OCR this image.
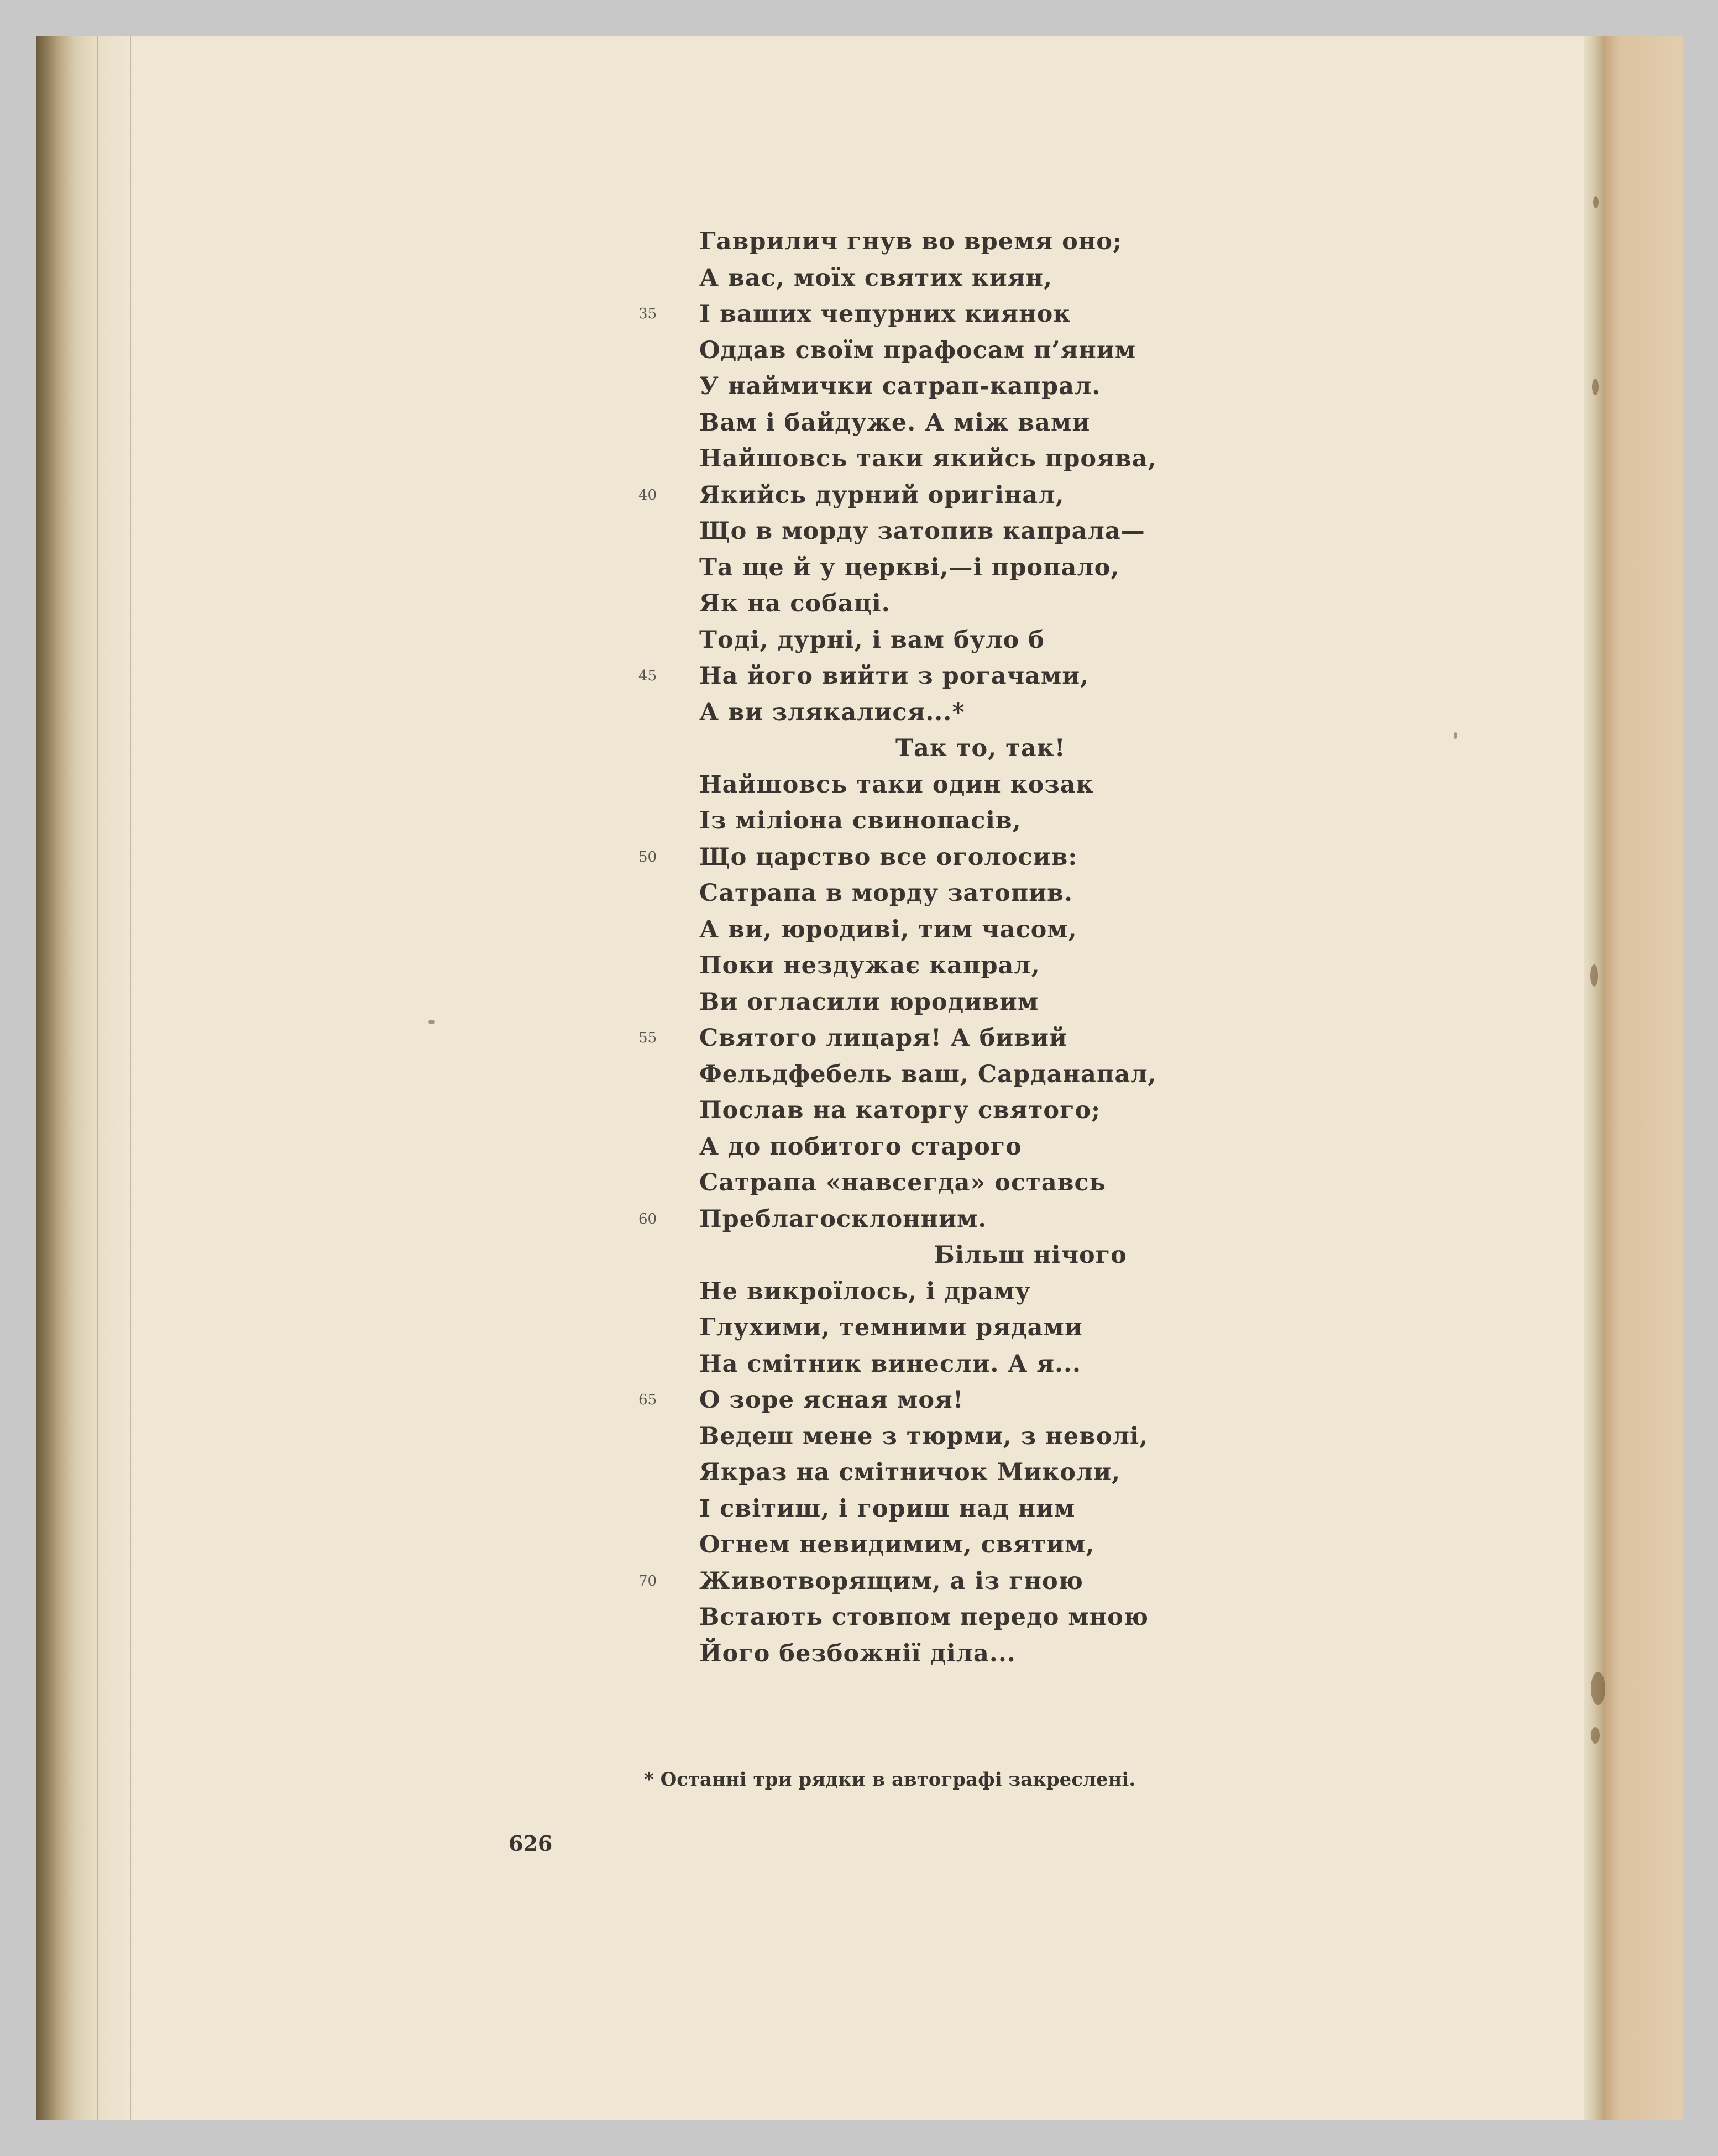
Гаврилич гнув во время оно;
А вас, моїх святих киян,
35	І ваших чепурних киянок
Оддав своїм прафосам п’яним
У наймички сатрап-капрал.
Вам і байдуже. А між вами
Найшовсь таки якийсь проява,
40	Якийсь дурний оригінал,
Що в морду затопив капрала—
Та ще й у церкві,—і пропало,
Як на собаці.
Тоді, дурні, і вам було б
45	На його вийти з рогачами,
А ви злякалися...*
Так то, так!
Найшовсь таки один козак
Із міліона свинопасів,
50	Що царство все оголосив:
Сатрапа в морду затопив.
А ви, юродиві, тим часом,
Поки нездужає капрал,
Ви огласили юродивим
55	Святого лицаря! А бивий
Фельдфебель ваш, Сарданапал,
Послав на каторгу святого;
А до побитого старого
Сатрапа «навсегда» оставсь
60	Преблагосклонним.
Більш нічого
Не викроїлось, і драму
Глухими, темними рядами
На смітник винесли. А я...
65	О зоре ясная моя!
Ведеш мене з тюрми, з неволі,
Якраз на смітничок Миколи,
І світиш, і гориш над ним
Огнем невидимим, святим,
70	Животворящим, а із гною
Встають стовпом передо мною
Його безбожнії діла...
* Останні три рядки в автографі закреслені.
626
